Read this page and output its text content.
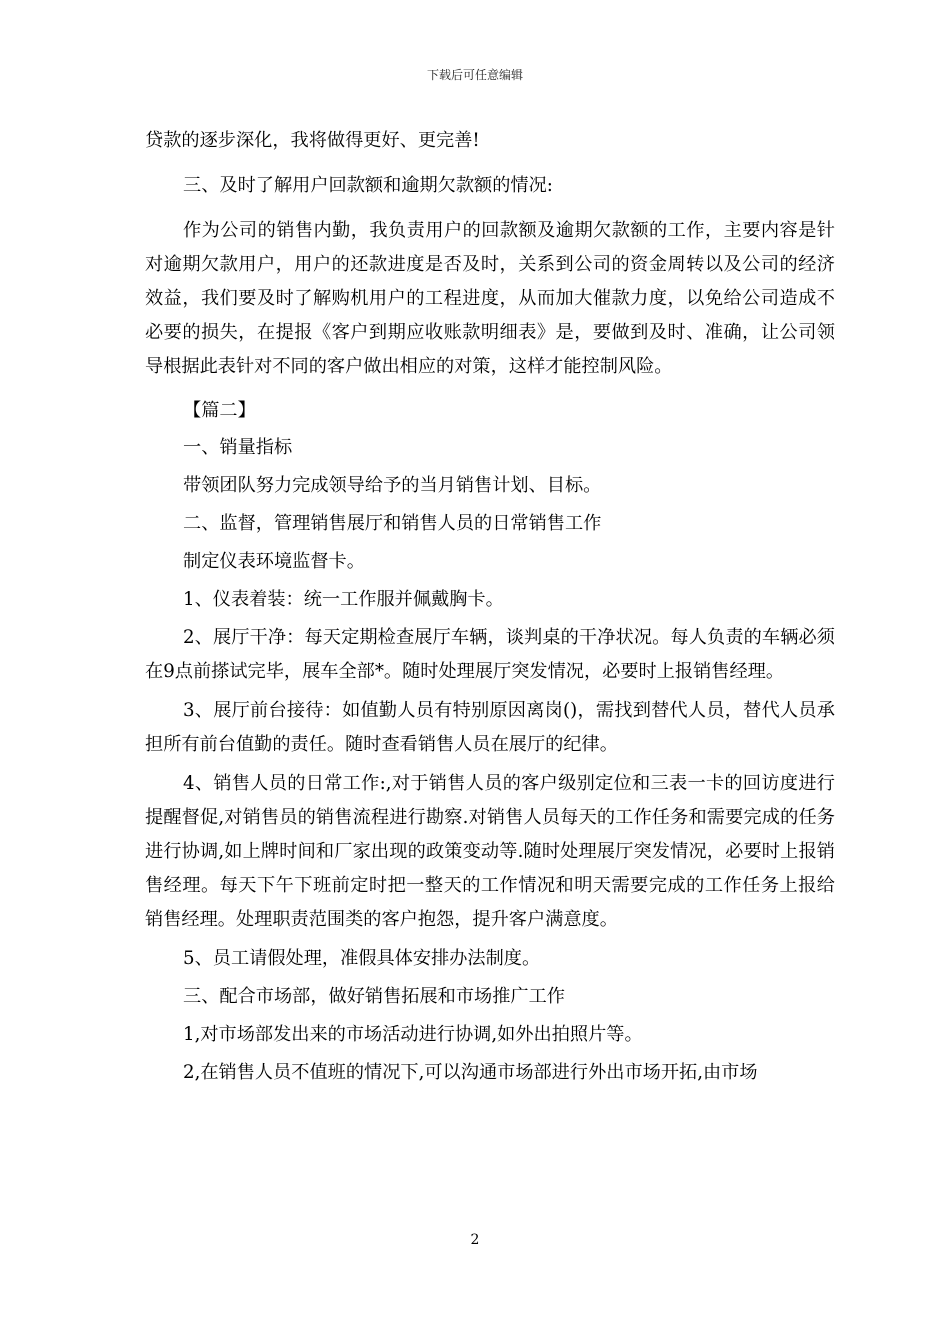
下载后可任意编辑

贷款的逐步深化，我将做得更好、更完善!

三、及时了解用户回款额和逾期欠款额的情况:

作为公司的销售内勤，我负责用户的回款额及逾期欠款额的工作，主要内容是针对逾期欠款用户，用户的还款进度是否及时，关系到公司的资金周转以及公司的经济效益，我们要及时了解购机用户的工程进度，从而加大催款力度，以免给公司造成不必要的损失，在提报《客户到期应收账款明细表》是，要做到及时、准确，让公司领导根据此表针对不同的客户做出相应的对策，这样才能控制风险。

【篇二】

一、销量指标

带领团队努力完成领导给予的当月销售计划、目标。

二、监督，管理销售展厅和销售人员的日常销售工作

制定仪表环境监督卡。

1、仪表着装：统一工作服并佩戴胸卡。

2、展厅干净：每天定期检查展厅车辆，谈判桌的干净状况。每人负责的车辆必须在9点前搽试完毕，展车全部*。随时处理展厅突发情况，必要时上报销售经理。

3、展厅前台接待：如值勤人员有特别原因离岗()，需找到替代人员，替代人员承担所有前台值勤的责任。随时查看销售人员在展厅的纪律。

4、销售人员的日常工作:,对于销售人员的客户级别定位和三表一卡的回访度进行提醒督促,对销售员的销售流程进行勘察.对销售人员每天的工作任务和需要完成的任务进行协调,如上牌时间和厂家出现的政策变动等.随时处理展厅突发情况，必要时上报销售经理。每天下午下班前定时把一整天的工作情况和明天需要完成的工作任务上报给销售经理。处理职责范围类的客户抱怨，提升客户满意度。

5、员工请假处理，准假具体安排办法制度。

三、配合市场部，做好销售拓展和市场推广工作

1,对市场部发出来的市场活动进行协调,如外出拍照片等。

2,在销售人员不值班的情况下,可以沟通市场部进行外出市场开拓,由市场

2
